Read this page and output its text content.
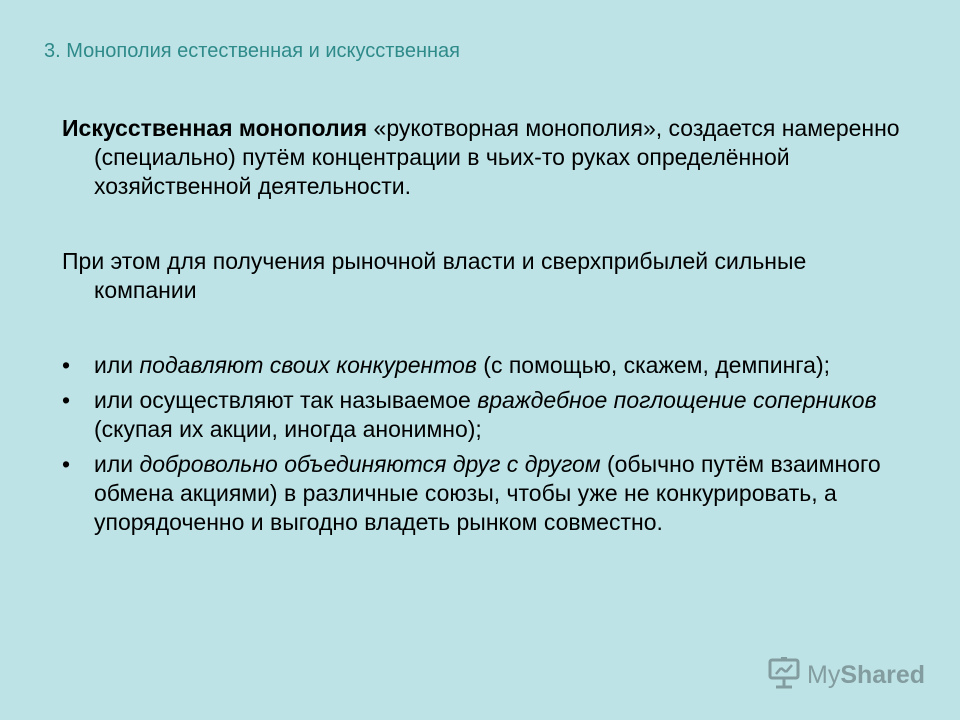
3. Монополия естественная и искусственная

Искусственная монополия «рукотворная монополия», создается намеренно (специально) путём концентрации в чьих-то руках определённой хозяйственной деятельности.

При этом для получения рыночной власти и сверхприбылей сильные компании

• или подавляют своих конкурентов (с помощью, скажем, демпинга);
• или осуществляют так называемое враждебное поглощение соперников (скупая их акции, иногда анонимно);
• или добровольно объединяются друг с другом (обычно путём взаимного обмена акциями) в различные союзы, чтобы уже не конкурировать, а упорядоченно и выгодно владеть рынком совместно.
MyShared
